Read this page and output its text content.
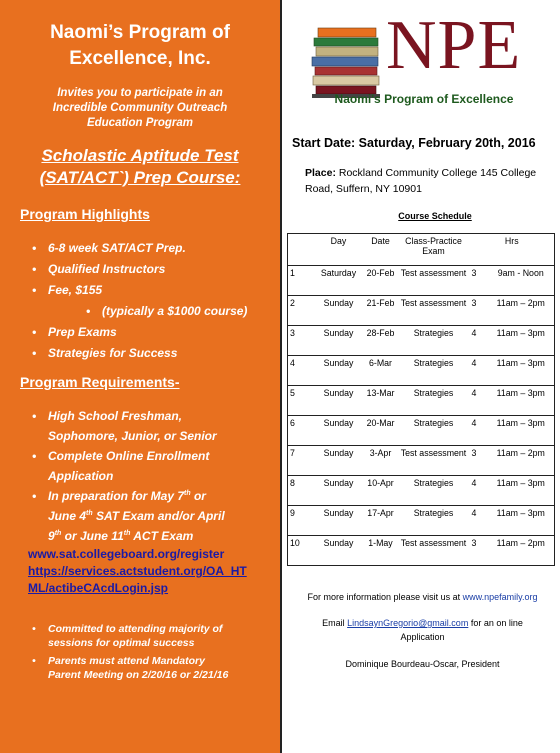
Naomi’s Program of
Excellence, Inc.
Invites you to participate in an
Incredible Community Outreach
Education Program
Scholastic Aptitude Test
(SAT/ACT`) Prep Course:
Program Highlights
• 6-8 week SAT/ACT Prep.
• Qualified Instructors
• Fee, $155
• (typically a $1000 course)
• Prep Exams
• Strategies for Success
Program Requirements-
• High School Freshman,
Sophomore, Junior, or Senior
• Complete Online Enrollment
Application
• In preparation for May 7th or
June 4th SAT Exam and/or April
9th or June 11th ACT Exam
www.sat.collegeboard.org/register
https://services.actstudent.org/OA_HT
ML/actibeCAcdLogin.jsp
• Committed to attending majority of
sessions for optimal success
• Parents must attend Mandatory
Parent Meeting on 2/20/16 or 2/21/16
NPE
Naomi's Program of Excellence
Start Date: Saturday, February 20th, 2016
Place: Rockland Community College 145 College
Road, Suffern, NY 10901
Course Schedule
	Day	Date	Class-Practice Exam	Hrs	
1	Saturday	20-Feb	Test assessment	3	9am - Noon
2	Sunday	21-Feb	Test assessment	3	11am – 2pm
3	Sunday	28-Feb	Strategies	4	11am – 3pm
4	Sunday	6-Mar	Strategies	4	11am – 3pm
5	Sunday	13-Mar	Strategies	4	11am – 3pm
6	Sunday	20-Mar	Strategies	4	11am – 3pm
7	Sunday	3-Apr	Test assessment	3	11am – 2pm
8	Sunday	10-Apr	Strategies	4	11am – 3pm
9	Sunday	17-Apr	Strategies	4	11am – 3pm
10	Sunday	1-May	Test assessment	3	11am – 2pm
For more information please visit us at www.npefamily.org
Email LindsaynGregorio@gmail.com for an on line
Application
Dominique Bourdeau-Oscar, President
